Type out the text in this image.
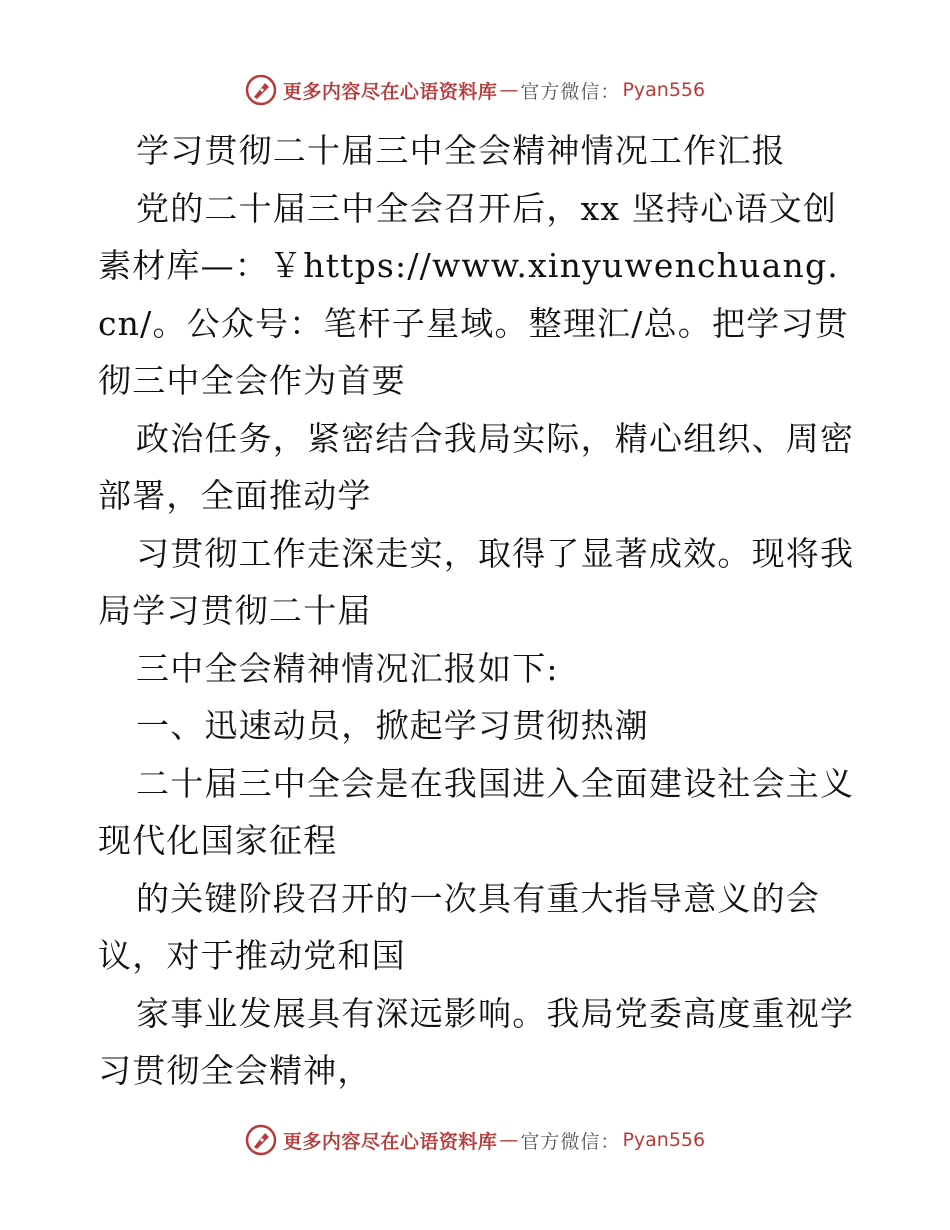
更多内容尽在心语资料库 — 官方微信： Pyan556

学习贯彻二十届三中全会精神情况工作汇报

党的二十届三中全会召开后，xx 坚持心语文创素材库—：￥https://www.xinyuwenchuang.cn/。公众号：笔杆子星域。整理汇/总。把学习贯彻三中全会作为首要

政治任务，紧密结合我局实际，精心组织、周密部署，全面推动学

习贯彻工作走深走实，取得了显著成效。现将我局学习贯彻二十届

三中全会精神情况汇报如下:

一、迅速动员，掀起学习贯彻热潮

二十届三中全会是在我国进入全面建设社会主义现代化国家征程

的关键阶段召开的一次具有重大指导意义的会议，对于推动党和国

家事业发展具有深远影响。我局党委高度重视学习贯彻全会精神，

更多内容尽在心语资料库 — 官方微信： Pyan556
